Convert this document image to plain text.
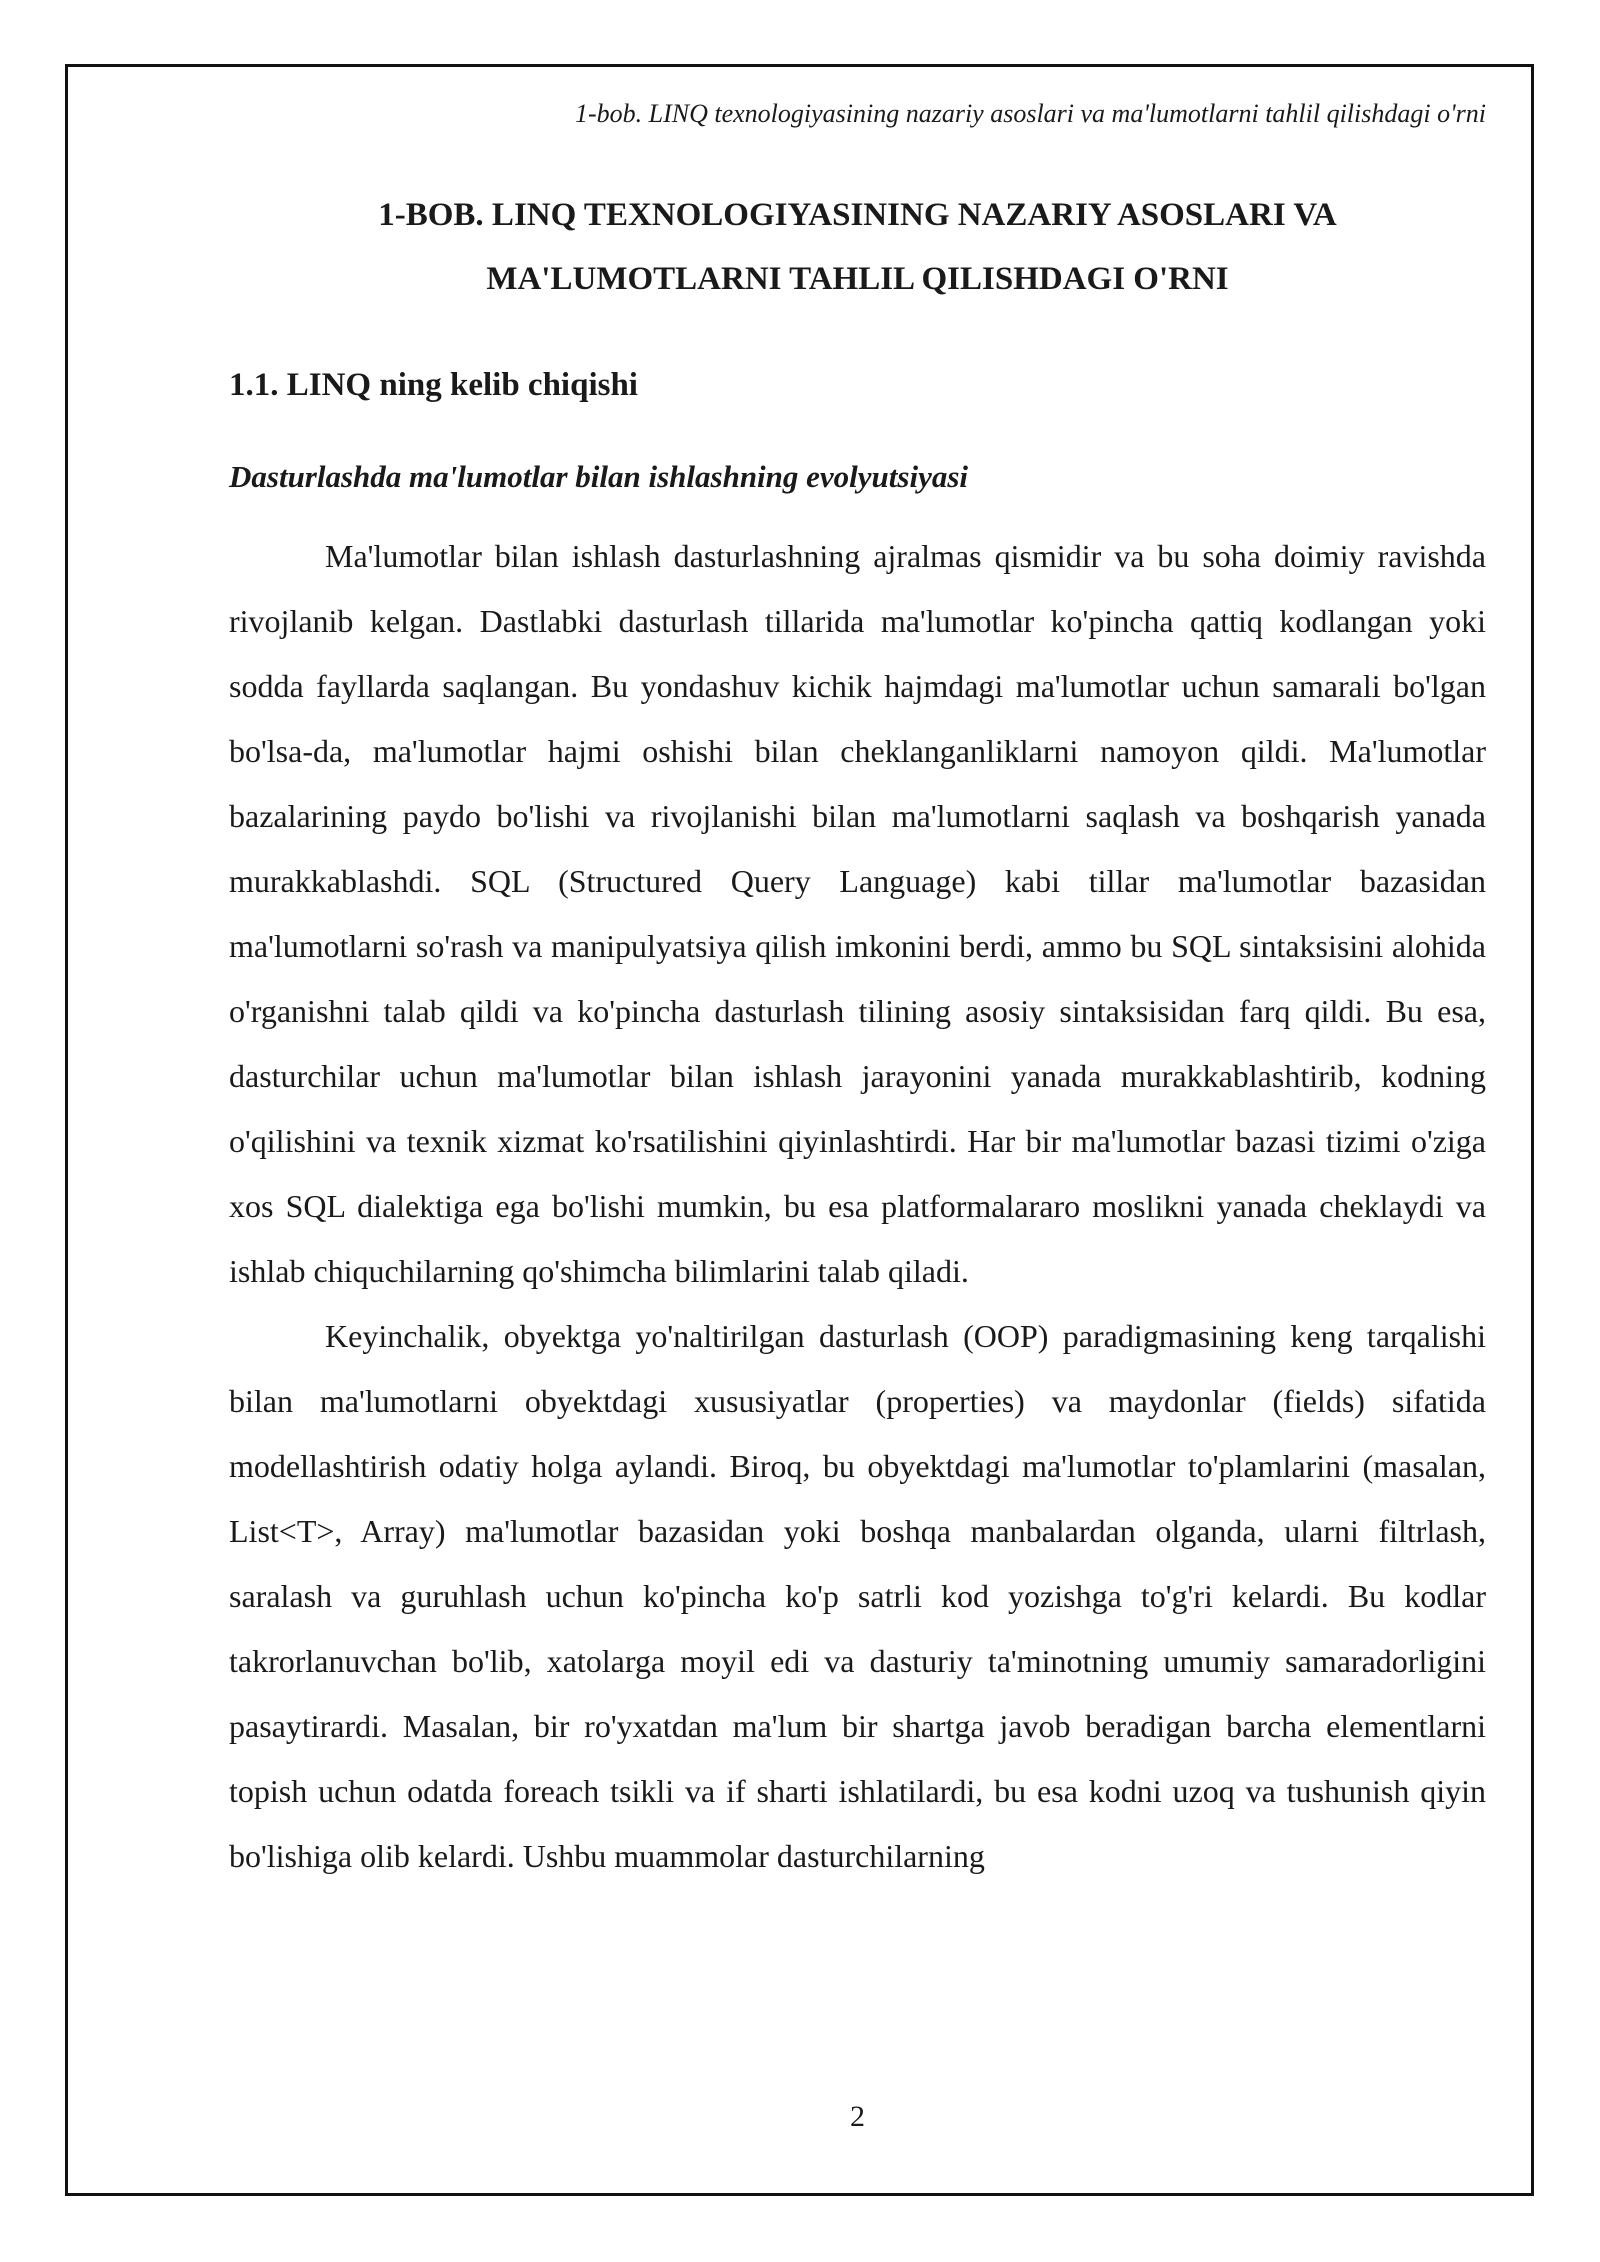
1-bob. LINQ texnologiyasining nazariy asoslari va ma'lumotlarni tahlil qilishdagi o'rni
1-BOB. LINQ TEXNOLOGIYASINING NAZARIY ASOSLARI VA
MA'LUMOTLARNI TAHLIL QILISHDAGI O'RNI
1.1. LINQ ning kelib chiqishi
Dasturlashda ma'lumotlar bilan ishlashning evolyutsiyasi

Ma'lumotlar bilan ishlash dasturlashning ajralmas qismidir va bu soha doimiy ravishda rivojlanib kelgan. Dastlabki dasturlash tillarida ma'lumotlar ko'pincha qattiq kodlangan yoki sodda fayllarda saqlangan. Bu yondashuv kichik hajmdagi ma'lumotlar uchun samarali bo'lgan bo'lsa-da, ma'lumotlar hajmi oshishi bilan cheklanganliklarni namoyon qildi. Ma'lumotlar bazalarining paydo bo'lishi va rivojlanishi bilan ma'lumotlarni saqlash va boshqarish yanada murakkablashdi. SQL (Structured Query Language) kabi tillar ma'lumotlar bazasidan ma'lumotlarni so'rash va manipulyatsiya qilish imkonini berdi, ammo bu SQL sintaksisini alohida o'rganishni talab qildi va ko'pincha dasturlash tilining asosiy sintaksisidan farq qildi. Bu esa, dasturchilar uchun ma'lumotlar bilan ishlash jarayonini yanada murakkablashtirib, kodning o'qilishini va texnik xizmat ko'rsatilishini qiyinlashtirdi. Har bir ma'lumotlar bazasi tizimi o'ziga xos SQL dialektiga ega bo'lishi mumkin, bu esa platformalararo moslikni yanada cheklaydi va ishlab chiquchilarning qo'shimcha bilimlarini talab qiladi.

Keyinchalik, obyektga yo'naltirilgan dasturlash (OOP) paradigmasining keng tarqalishi bilan ma'lumotlarni obyektdagi xususiyatlar (properties) va maydonlar (fields) sifatida modellashtirish odatiy holga aylandi. Biroq, bu obyektdagi ma'lumotlar to'plamlarini (masalan, List<T>, Array) ma'lumotlar bazasidan yoki boshqa manbalardan olganda, ularni filtrlash, saralash va guruhlash uchun ko'pincha ko'p satrli kod yozishga to'g'ri kelardi. Bu kodlar takrorlanuvchan bo'lib, xatolarga moyil edi va dasturiy ta'minotning umumiy samaradorligini pasaytirardi. Masalan, bir ro'yxatdan ma'lum bir shartga javob beradigan barcha elementlarni topish uchun odatda foreach tsikli va if sharti ishlatilardi, bu esa kodni uzoq va tushunish qiyin bo'lishiga olib kelardi. Ushbu muammolar dasturchilarning

2
